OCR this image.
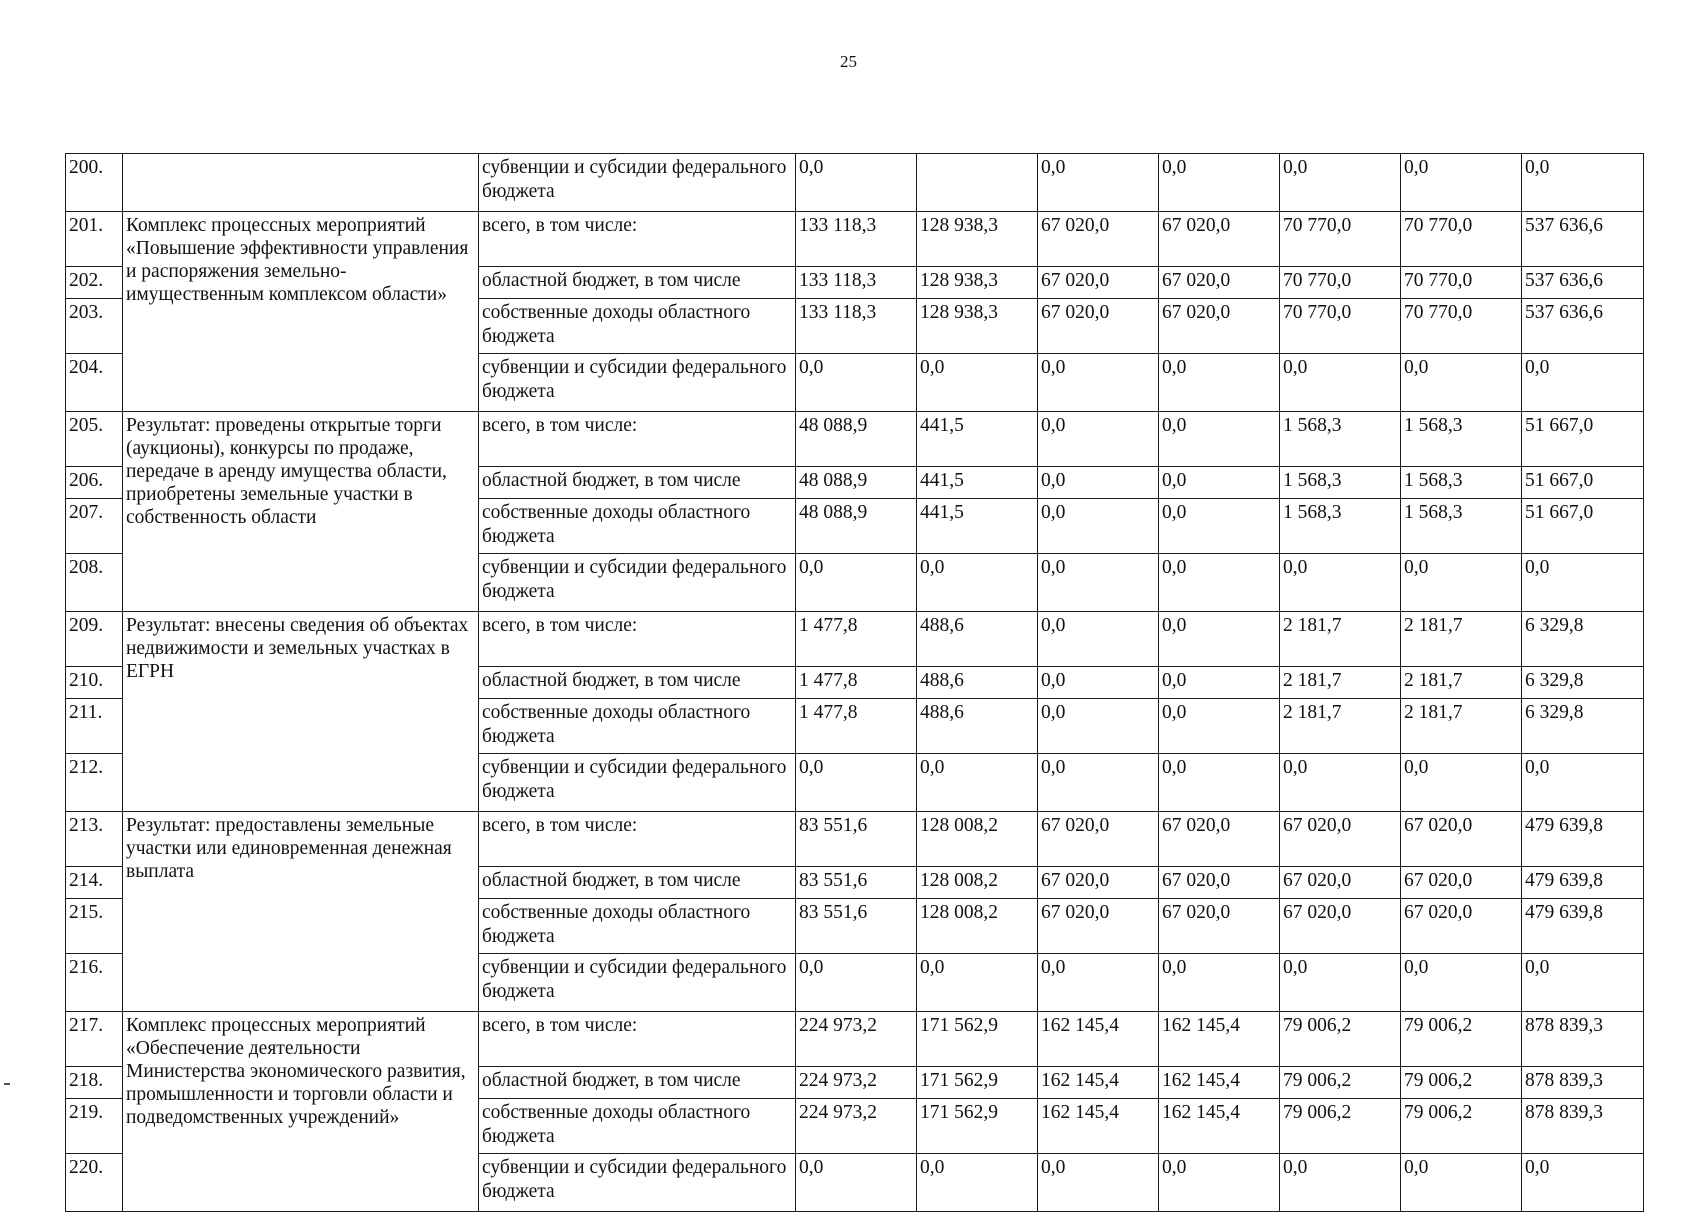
25
200.		субвенции и субсидии федерального бюджета	0,0		0,0	0,0	0,0	0,0	0,0
201.	Комплекс процессных мероприятий «Повышение эффективности управления и распоряжения земельно-имущественным комплексом области»	всего, в том числе:	133 118,3	128 938,3	67 020,0	67 020,0	70 770,0	70 770,0	537 636,6
202.		областной бюджет, в том числе	133 118,3	128 938,3	67 020,0	67 020,0	70 770,0	70 770,0	537 636,6
203.		собственные доходы областного бюджета	133 118,3	128 938,3	67 020,0	67 020,0	70 770,0	70 770,0	537 636,6
204.		субвенции и субсидии федерального бюджета	0,0	0,0	0,0	0,0	0,0	0,0	0,0
205.	Результат: проведены открытые торги (аукционы), конкурсы по продаже, передаче в аренду имущества области, приобретены земельные участки в собственность области	всего, в том числе:	48 088,9	441,5	0,0	0,0	1 568,3	1 568,3	51 667,0
206.		областной бюджет, в том числе	48 088,9	441,5	0,0	0,0	1 568,3	1 568,3	51 667,0
207.		собственные доходы областного бюджета	48 088,9	441,5	0,0	0,0	1 568,3	1 568,3	51 667,0
208.		субвенции и субсидии федерального бюджета	0,0	0,0	0,0	0,0	0,0	0,0	0,0
209.	Результат: внесены сведения об объектах недвижимости и земельных участках в ЕГРН	всего, в том числе:	1 477,8	488,6	0,0	0,0	2 181,7	2 181,7	6 329,8
210.		областной бюджет, в том числе	1 477,8	488,6	0,0	0,0	2 181,7	2 181,7	6 329,8
211.		собственные доходы областного бюджета	1 477,8	488,6	0,0	0,0	2 181,7	2 181,7	6 329,8
212.		субвенции и субсидии федерального бюджета	0,0	0,0	0,0	0,0	0,0	0,0	0,0
213.	Результат: предоставлены земельные участки или единовременная денежная выплата	всего, в том числе:	83 551,6	128 008,2	67 020,0	67 020,0	67 020,0	67 020,0	479 639,8
214.		областной бюджет, в том числе	83 551,6	128 008,2	67 020,0	67 020,0	67 020,0	67 020,0	479 639,8
215.		собственные доходы областного бюджета	83 551,6	128 008,2	67 020,0	67 020,0	67 020,0	67 020,0	479 639,8
216.		субвенции и субсидии федерального бюджета	0,0	0,0	0,0	0,0	0,0	0,0	0,0
217.	Комплекс процессных мероприятий «Обеспечение деятельности Министерства экономического развития, промышленности и торговли области и подведомственных учреждений»	всего, в том числе:	224 973,2	171 562,9	162 145,4	162 145,4	79 006,2	79 006,2	878 839,3
218.		областной бюджет, в том числе	224 973,2	171 562,9	162 145,4	162 145,4	79 006,2	79 006,2	878 839,3
219.		собственные доходы областного бюджета	224 973,2	171 562,9	162 145,4	162 145,4	79 006,2	79 006,2	878 839,3
220.		субвенции и субсидии федерального бюджета	0,0	0,0	0,0	0,0	0,0	0,0	0,0
